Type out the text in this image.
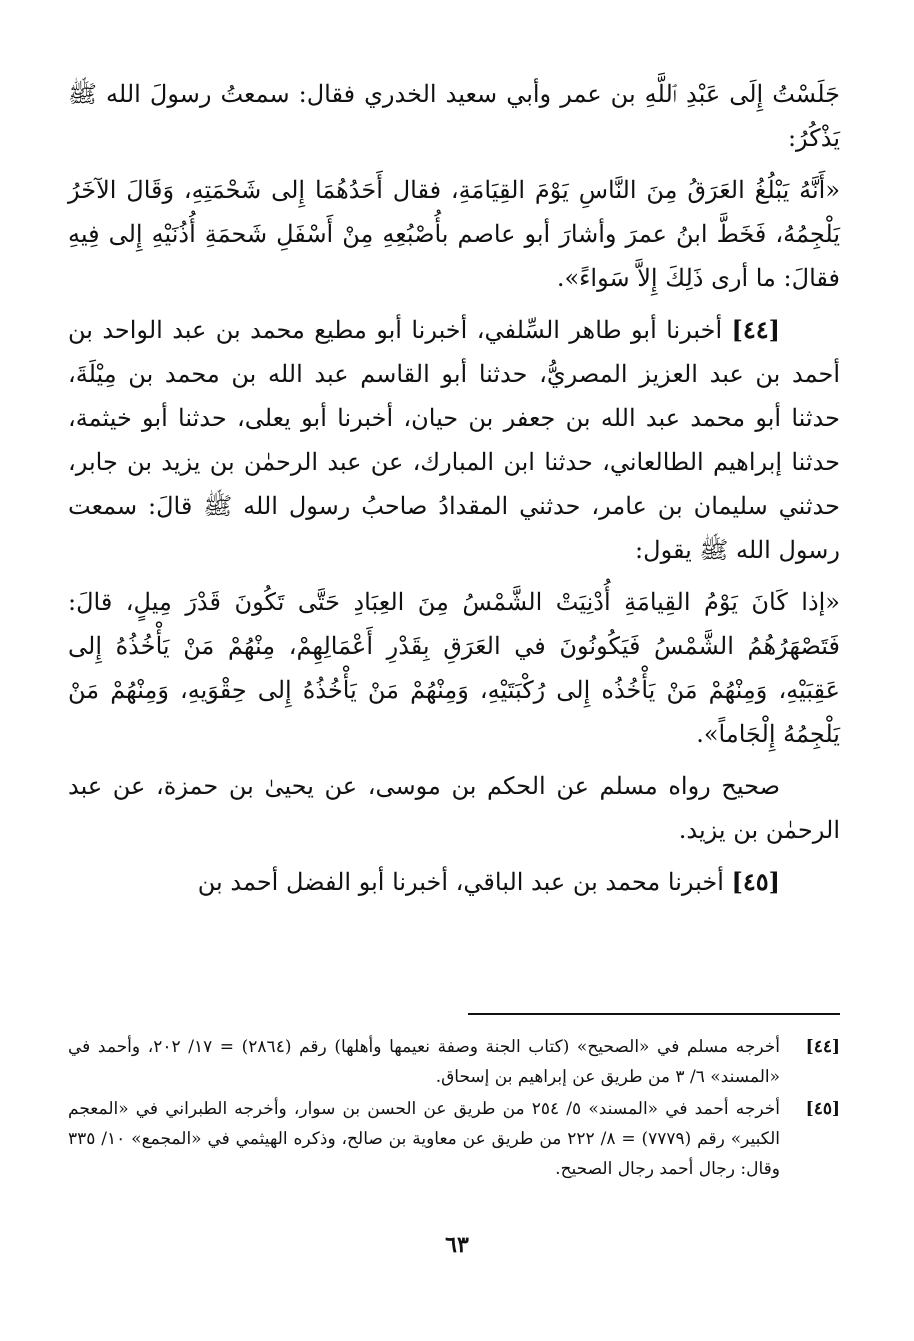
جَلَسْتُ إِلَى عَبْدِ ٱللَّهِ بن عمر وأبي سعيد الخدري فقال: سمعتُ رسولَ الله ﷺ يَذْكُرُ:

«أَنَّهُ يَبْلُغُ العَرَقُ مِنَ النَّاسِ يَوْمَ القِيَامَةِ، فقال أَحَدُهُمَا إِلى شَحْمَتِهِ، وَقَالَ الآخَرُ يَلْجِمُهُ، فَخَطَّ ابنُ عمرَ وأشارَ أبو عاصم بأُصْبُعِهِ مِنْ أَسْفَلِ شَحمَةِ أُذُنَيْهِ إِلى فِيهِ فقالَ: ما أرى ذَلِكَ إِلاَّ سَواءً».

[٤٤] أخبرنا أبو طاهر السِّلفي، أخبرنا أبو مطيع محمد بن عبد الواحد بن أحمد بن عبد العزيز المصريُّ، حدثنا أبو القاسم عبد الله بن محمد بن مِيْلَةَ، حدثنا أبو محمد عبد الله بن جعفر بن حيان، أخبرنا أبو يعلى، حدثنا أبو خيثمة، حدثنا إبراهيم الطالعاني، حدثنا ابن المبارك، عن عبد الرحمٰن بن يزيد بن جابر، حدثني سليمان بن عامر، حدثني المقدادُ صاحبُ رسول الله ﷺ قالَ: سمعت رسول الله ﷺ يقول:

«إذا كَانَ يَوْمُ القِيامَةِ أُدْنِيَتْ الشَّمْسُ مِنَ العِبَادِ حَتَّى تَكُونَ قَدْرَ مِيلٍ، قالَ: فَتَصْهَرُهُمُ الشَّمْسُ فَيَكُونُونَ في العَرَقِ بِقَدْرِ أَعْمَالِهِمْ، مِنْهُمْ مَنْ يَأْخُذُهُ إِلى عَقِبَيْهِ، وَمِنْهُمْ مَنْ يَأْخُذُه إِلى رُكْبَتَيْهِ، وَمِنْهُمْ مَنْ يَأْخُذُهُ إِلى حِقْوَيهِ، وَمِنْهُمْ مَنْ يَلْجِمُهُ إِلْجَاماً».

صحيح رواه مسلم عن الحكم بن موسى، عن يحيىٰ بن حمزة، عن عبد الرحمٰن بن يزيد.

[٤٥] أخبرنا محمد بن عبد الباقي، أخبرنا أبو الفضل أحمد بن

[٤٤]
أخرجه مسلم في «الصحيح» (كتاب الجنة وصفة نعيمها وأهلها) رقم (٢٨٦٤) = ١٧/ ٢٠٢، وأحمد في «المسند» ٦/ ٣ من طريق عن إبراهيم بن إسحاق.
[٤٥]
أخرجه أحمد في «المسند» ٥/ ٢٥٤ من طريق عن الحسن بن سوار، وأخرجه الطبراني في «المعجم الكبير» رقم (٧٧٧٩) = ٨/ ٢٢٢ من طريق عن معاوية بن صالح، وذكره الهيثمي في «المجمع» ١٠/ ٣٣٥ وقال: رجال أحمد رجال الصحيح.
٦٣
